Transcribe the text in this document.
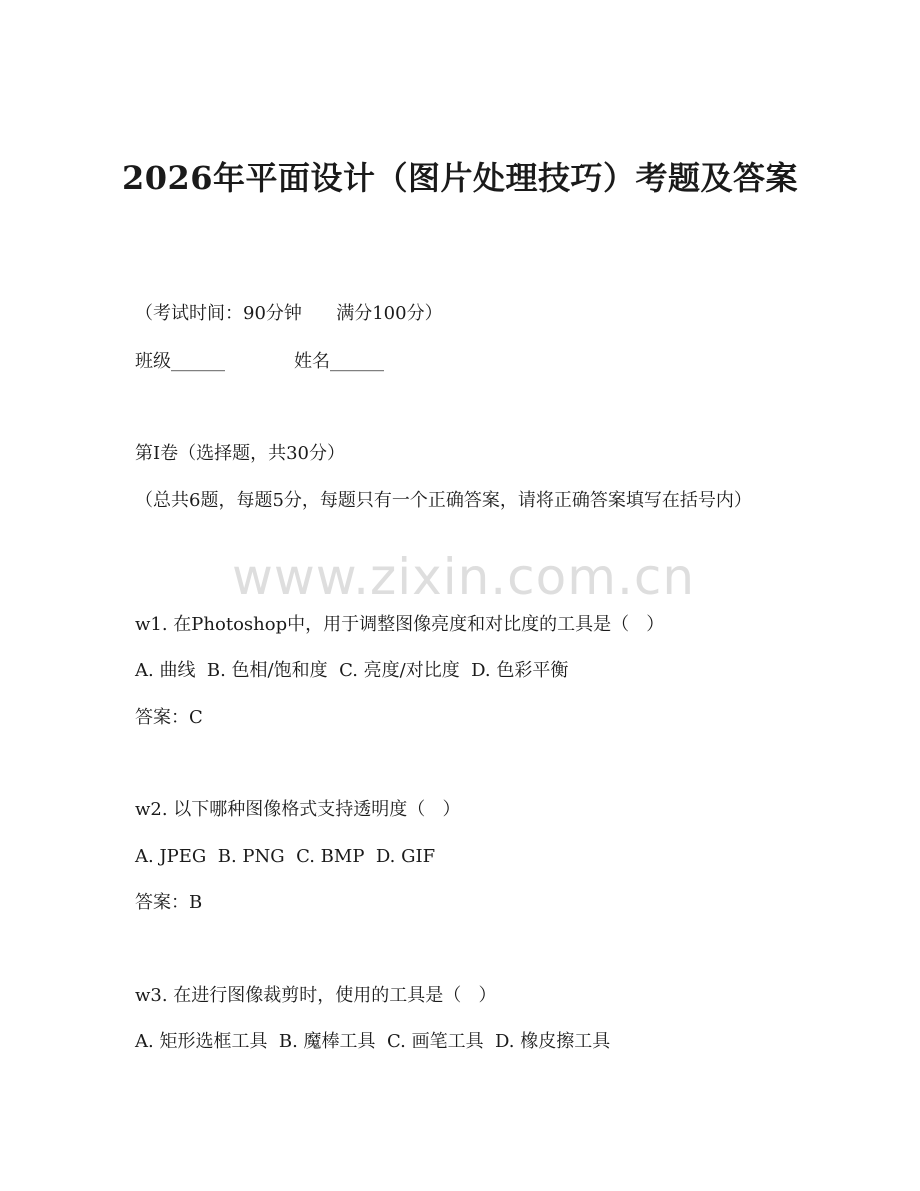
www.zixin.com.cn
2026年平面设计（图片处理技巧）考题及答案
（考试时间：90分钟      满分100分）
班级______	姓名______
第I卷（选择题，共30分）
（总共6题，每题5分，每题只有一个正确答案，请将正确答案填写在括号内）
w1. 在Photoshop中，用于调整图像亮度和对比度的工具是（   ）
A. 曲线  B. 色相/饱和度  C. 亮度/对比度  D. 色彩平衡
答案：C
w2. 以下哪种图像格式支持透明度（   ）
A. JPEG  B. PNG  C. BMP  D. GIF
答案：B
w3. 在进行图像裁剪时，使用的工具是（   ）
A. 矩形选框工具  B. 魔棒工具  C. 画笔工具  D. 橡皮擦工具
